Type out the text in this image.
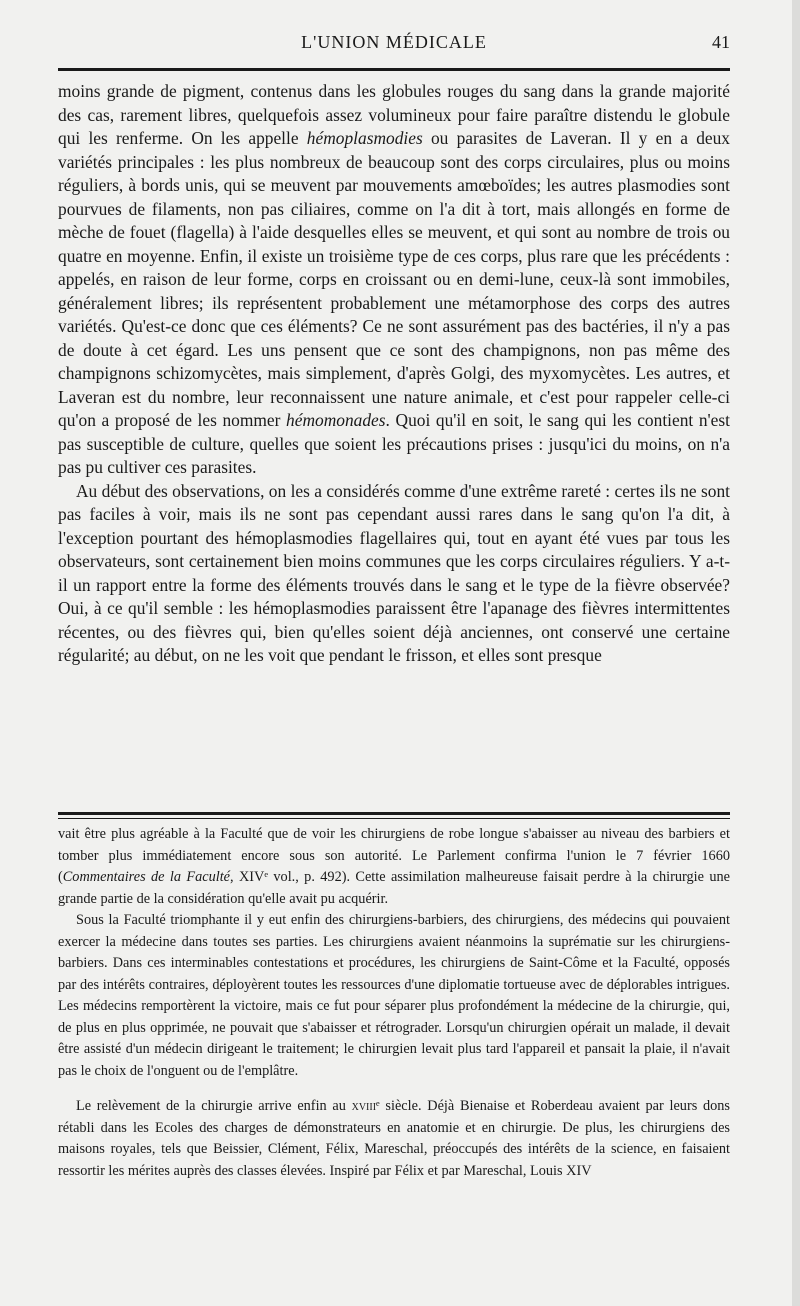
L'UNION MÉDICALE	41

moins grande de pigment, contenus dans les globules rouges du sang dans la grande majorité des cas, rarement libres, quelquefois assez volumineux pour faire paraître distendu le globule qui les renferme. On les appelle hémoplasmodies ou parasites de Laveran. Il y en a deux variétés principales : les plus nombreux de beaucoup sont des corps circulaires, plus ou moins réguliers, à bords unis, qui se meuvent par mouvements amœboïdes; les autres plasmodies sont pourvues de filaments, non pas ciliaires, comme on l'a dit à tort, mais allongés en forme de mèche de fouet (flagella) à l'aide desquelles elles se meuvent, et qui sont au nombre de trois ou quatre en moyenne. Enfin, il existe un troisième type de ces corps, plus rare que les précédents : appelés, en raison de leur forme, corps en croissant ou en demi-lune, ceux-là sont immobiles, généralement libres; ils représentent probablement une métamorphose des corps des autres variétés. Qu'est-ce donc que ces éléments? Ce ne sont assurément pas des bactéries, il n'y a pas de doute à cet égard. Les uns pensent que ce sont des champignons, non pas même des champignons schizomycètes, mais simplement, d'après Golgi, des myxomycètes. Les autres, et Laveran est du nombre, leur reconnaissent une nature animale, et c'est pour rappeler celle-ci qu'on a proposé de les nommer hémomonades. Quoi qu'il en soit, le sang qui les contient n'est pas susceptible de culture, quelles que soient les précautions prises : jusqu'ici du moins, on n'a pas pu cultiver ces parasites.

Au début des observations, on les a considérés comme d'une extrême rareté : certes ils ne sont pas faciles à voir, mais ils ne sont pas cependant aussi rares dans le sang qu'on l'a dit, à l'exception pourtant des hémoplasmodies flagellaires qui, tout en ayant été vues par tous les observateurs, sont certainement bien moins communes que les corps circulaires réguliers. Y a-t-il un rapport entre la forme des éléments trouvés dans le sang et le type de la fièvre observée? Oui, à ce qu'il semble : les hémoplasmodies paraissent être l'apanage des fièvres intermittentes récentes, ou des fièvres qui, bien qu'elles soient déjà anciennes, ont conservé une certaine régularité; au début, on ne les voit que pendant le frisson, et elles sont presque

vait être plus agréable à la Faculté que de voir les chirurgiens de robe longue s'abaisser au niveau des barbiers et tomber plus immédiatement encore sous son autorité. Le Parlement confirma l'union le 7 février 1660 (Commentaires de la Faculté, XIVᵉ vol., p. 492). Cette assimilation malheureuse faisait perdre à la chirurgie une grande partie de la considération qu'elle avait pu acquérir.

Sous la Faculté triomphante il y eut enfin des chirurgiens-barbiers, des chirurgiens, des médecins qui pouvaient exercer la médecine dans toutes ses parties. Les chirurgiens avaient néanmoins la suprématie sur les chirurgiens-barbiers. Dans ces interminables contestations et procédures, les chirurgiens de Saint-Côme et la Faculté, opposés par des intérêts contraires, déployèrent toutes les ressources d'une diplomatie tortueuse avec de déplorables intrigues. Les médecins remportèrent la victoire, mais ce fut pour séparer plus profondément la médecine de la chirurgie, qui, de plus en plus opprimée, ne pouvait que s'abaisser et rétrograder. Lorsqu'un chirurgien opérait un malade, il devait être assisté d'un médecin dirigeant le traitement; le chirurgien levait plus tard l'appareil et pansait la plaie, il n'avait pas le choix de l'onguent ou de l'emplâtre.

Le relèvement de la chirurgie arrive enfin au xviiiᵉ siècle. Déjà Bienaise et Roberdeau avaient par leurs dons rétabli dans les Ecoles des charges de démonstrateurs en anatomie et en chirurgie. De plus, les chirurgiens des maisons royales, tels que Beissier, Clément, Félix, Mareschal, préoccupés des intérêts de la science, en faisaient ressortir les mérites auprès des classes élevées. Inspiré par Félix et par Mareschal, Louis XIV
